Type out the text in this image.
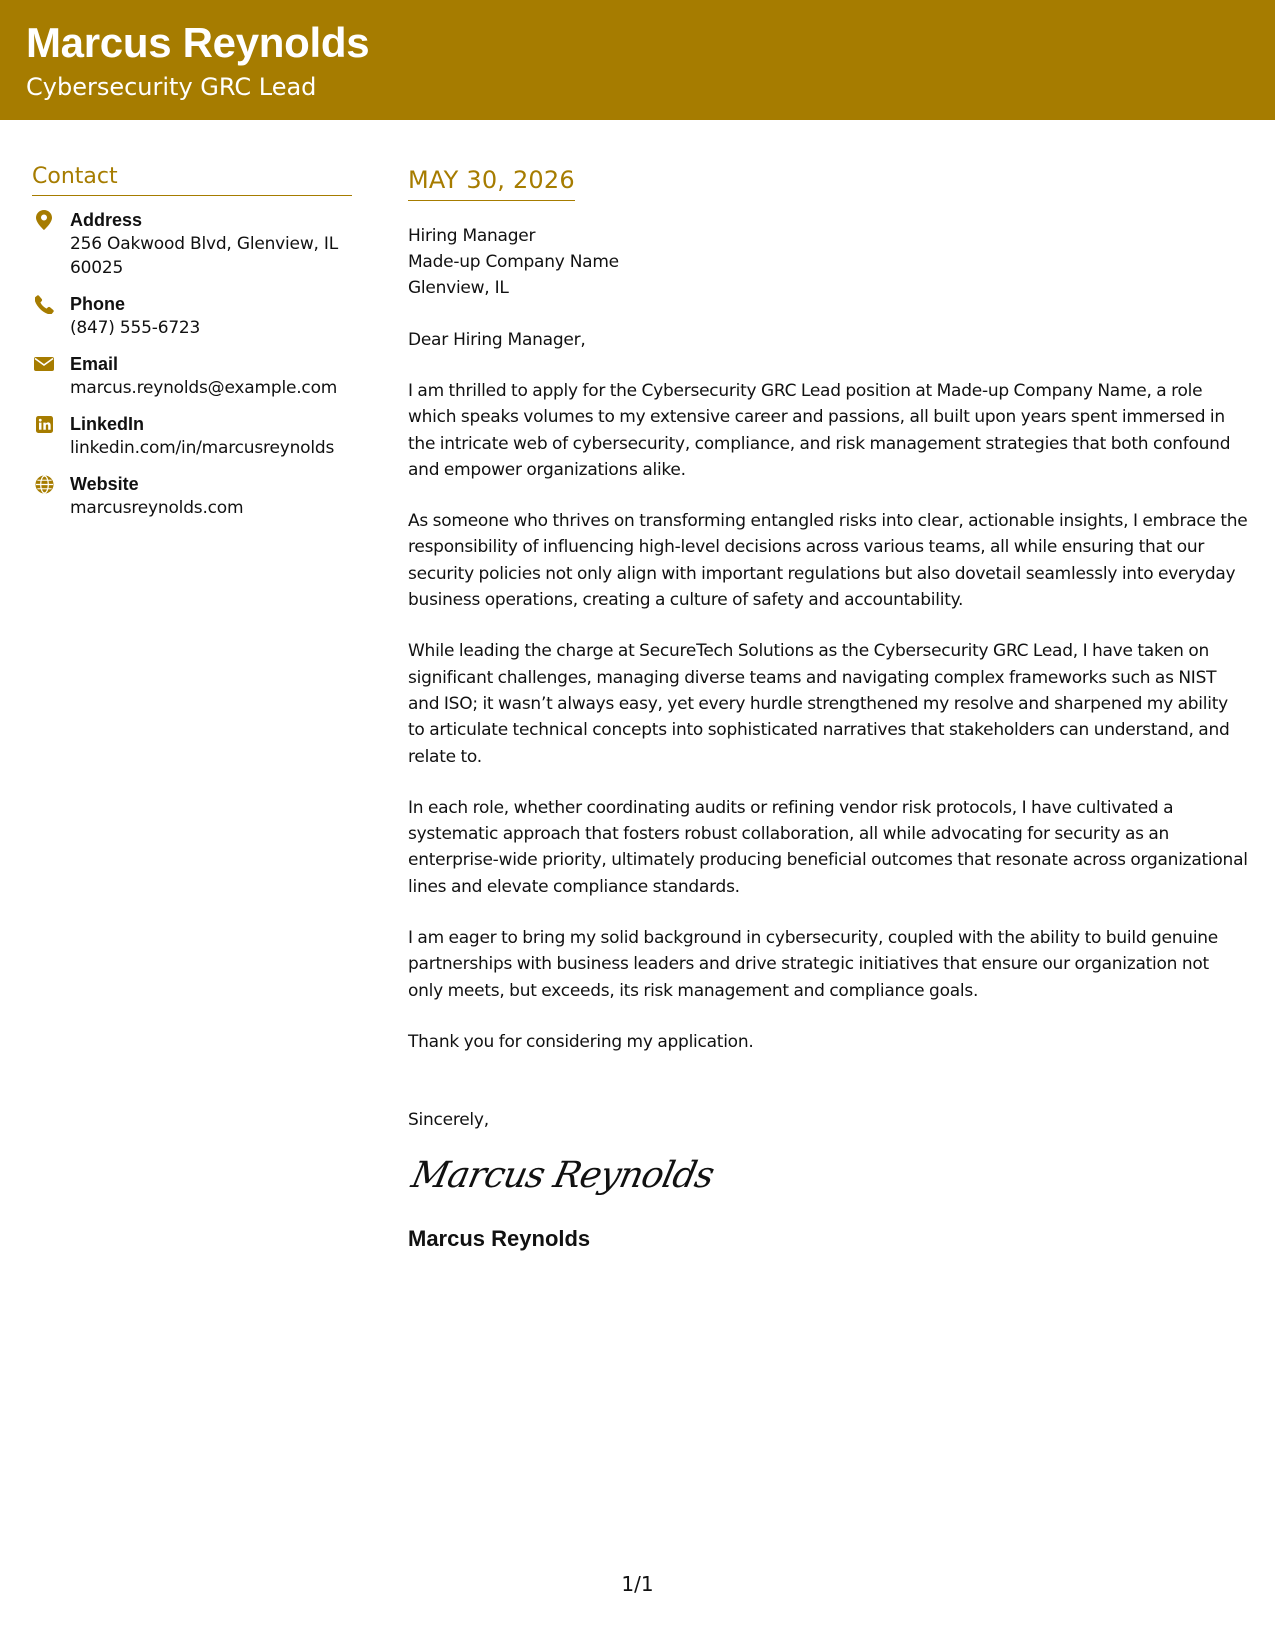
Marcus Reynolds
Cybersecurity GRC Lead
Contact
Address
256 Oakwood Blvd, Glenview, IL 60025
Phone
(847) 555-6723
Email
marcus.reynolds@example.com
LinkedIn
linkedin.com/in/marcusreynolds
Website
marcusreynolds.com
MAY 30, 2026
Hiring Manager
Made-up Company Name
Glenview, IL
Dear Hiring Manager,
I am thrilled to apply for the Cybersecurity GRC Lead position at Made-up Company Name, a role which speaks volumes to my extensive career and passions, all built upon years spent immersed in the intricate web of cybersecurity, compliance, and risk management strategies that both confound and empower organizations alike.
As someone who thrives on transforming entangled risks into clear, actionable insights, I embrace the responsibility of influencing high-level decisions across various teams, all while ensuring that our security policies not only align with important regulations but also dovetail seamlessly into everyday business operations, creating a culture of safety and accountability.
While leading the charge at SecureTech Solutions as the Cybersecurity GRC Lead, I have taken on significant challenges, managing diverse teams and navigating complex frameworks such as NIST and ISO; it wasn’t always easy, yet every hurdle strengthened my resolve and sharpened my ability to articulate technical concepts into sophisticated narratives that stakeholders can understand, and relate to.
In each role, whether coordinating audits or refining vendor risk protocols, I have cultivated a systematic approach that fosters robust collaboration, all while advocating for security as an enterprise-wide priority, ultimately producing beneficial outcomes that resonate across organizational lines and elevate compliance standards.
I am eager to bring my solid background in cybersecurity, coupled with the ability to build genuine partnerships with business leaders and drive strategic initiatives that ensure our organization not only meets, but exceeds, its risk management and compliance goals.
Thank you for considering my application.
Sincerely,
Marcus Reynolds
Marcus Reynolds
1/1
